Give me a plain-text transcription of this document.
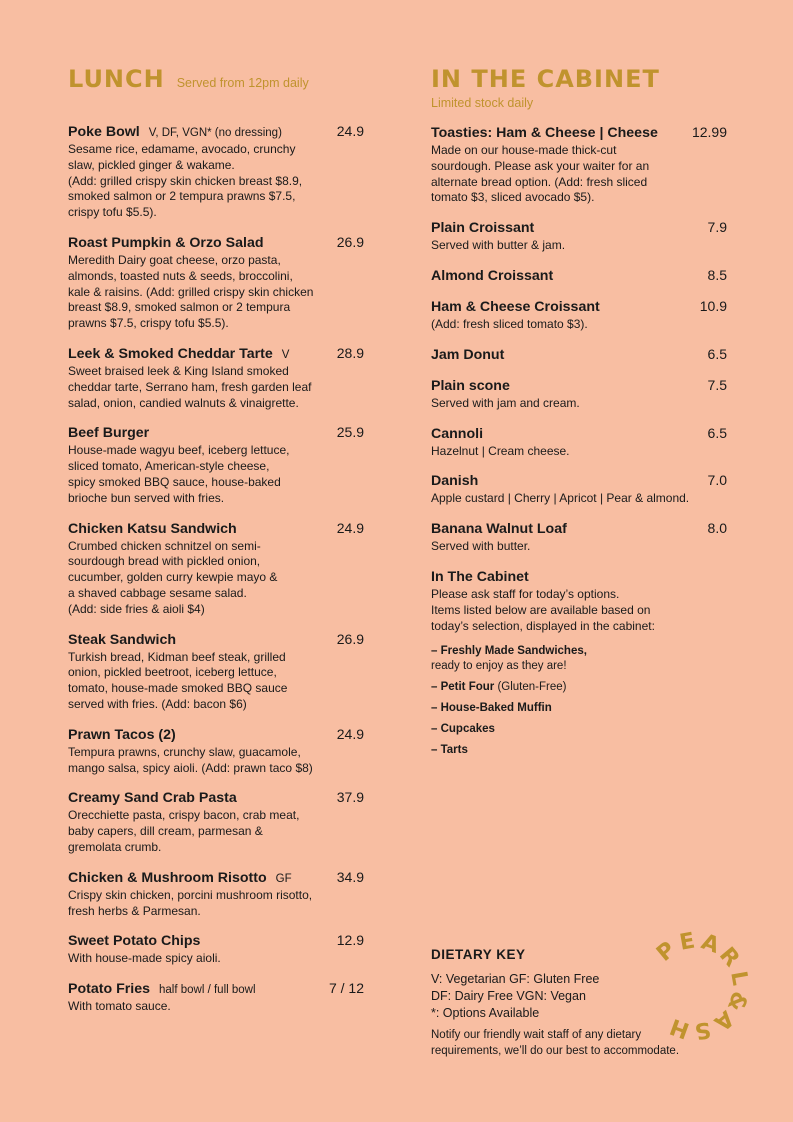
LUNCH Served from 12pm daily
Poke Bowl V, DF, VGN* (no dressing)	24.9
Sesame rice, edamame, avocado, crunchy
slaw, pickled ginger & wakame.
(Add: grilled crispy skin chicken breast $8.9,
smoked salmon or 2 tempura prawns $7.5,
crispy tofu $5.5).
Roast Pumpkin & Orzo Salad	26.9
Meredith Dairy goat cheese, orzo pasta,
almonds, toasted nuts & seeds, broccolini,
kale & raisins. (Add: grilled crispy skin chicken
breast $8.9, smoked salmon or 2 tempura
prawns $7.5, crispy tofu $5.5).
Leek & Smoked Cheddar Tarte V	28.9
Sweet braised leek & King Island smoked
cheddar tarte, Serrano ham, fresh garden leaf
salad, onion, candied walnuts & vinaigrette.
Beef Burger	25.9
House-made wagyu beef, iceberg lettuce,
sliced tomato, American-style cheese,
spicy smoked BBQ sauce, house-baked
brioche bun served with fries.
Chicken Katsu Sandwich	24.9
Crumbed chicken schnitzel on semi-
sourdough bread with pickled onion,
cucumber, golden curry kewpie mayo &
a shaved cabbage sesame salad.
(Add: side fries & aioli $4)
Steak Sandwich	26.9
Turkish bread, Kidman beef steak, grilled
onion, pickled beetroot, iceberg lettuce,
tomato, house-made smoked BBQ sauce
served with fries. (Add: bacon $6)
Prawn Tacos (2)	24.9
Tempura prawns, crunchy slaw, guacamole,
mango salsa, spicy aioli. (Add: prawn taco $8)
Creamy Sand Crab Pasta	37.9
Orecchiette pasta, crispy bacon, crab meat,
baby capers, dill cream, parmesan &
gremolata crumb.
Chicken & Mushroom Risotto GF	34.9
Crispy skin chicken, porcini mushroom risotto,
fresh herbs & Parmesan.
Sweet Potato Chips	12.9
With house-made spicy aioli.
Potato Fries half bowl / full bowl	7 / 12
With tomato sauce.
IN THE CABINET
Limited stock daily
Toasties: Ham & Cheese | Cheese 12.99
Made on our house-made thick-cut
sourdough. Please ask your waiter for an
alternate bread option. (Add: fresh sliced
tomato $3, sliced avocado $5).
Plain Croissant	7.9
Served with butter & jam.
Almond Croissant	8.5
Ham & Cheese Croissant	10.9
(Add: fresh sliced tomato $3).
Jam Donut	6.5
Plain scone	7.5
Served with jam and cream.
Cannoli	6.5
Hazelnut | Cream cheese.
Danish	7.0
Apple custard | Cherry | Apricot | Pear & almond.
Banana Walnut Loaf	8.0
Served with butter.
In The Cabinet
Please ask staff for today’s options.
Items listed below are available based on
today’s selection, displayed in the cabinet:
– Freshly Made Sandwiches,
ready to enjoy as they are!
– Petit Four (Gluten-Free)
– House-Baked Muffin
– Cupcakes
– Tarts
DIETARY KEY
V: Vegetarian GF: Gluten Free
DF: Dairy Free VGN: Vegan
*: Options Available
Notify our friendly wait staff of any dietary
requirements, we’ll do our best to accommodate.
P
E A
R
L
&
A
S
H
